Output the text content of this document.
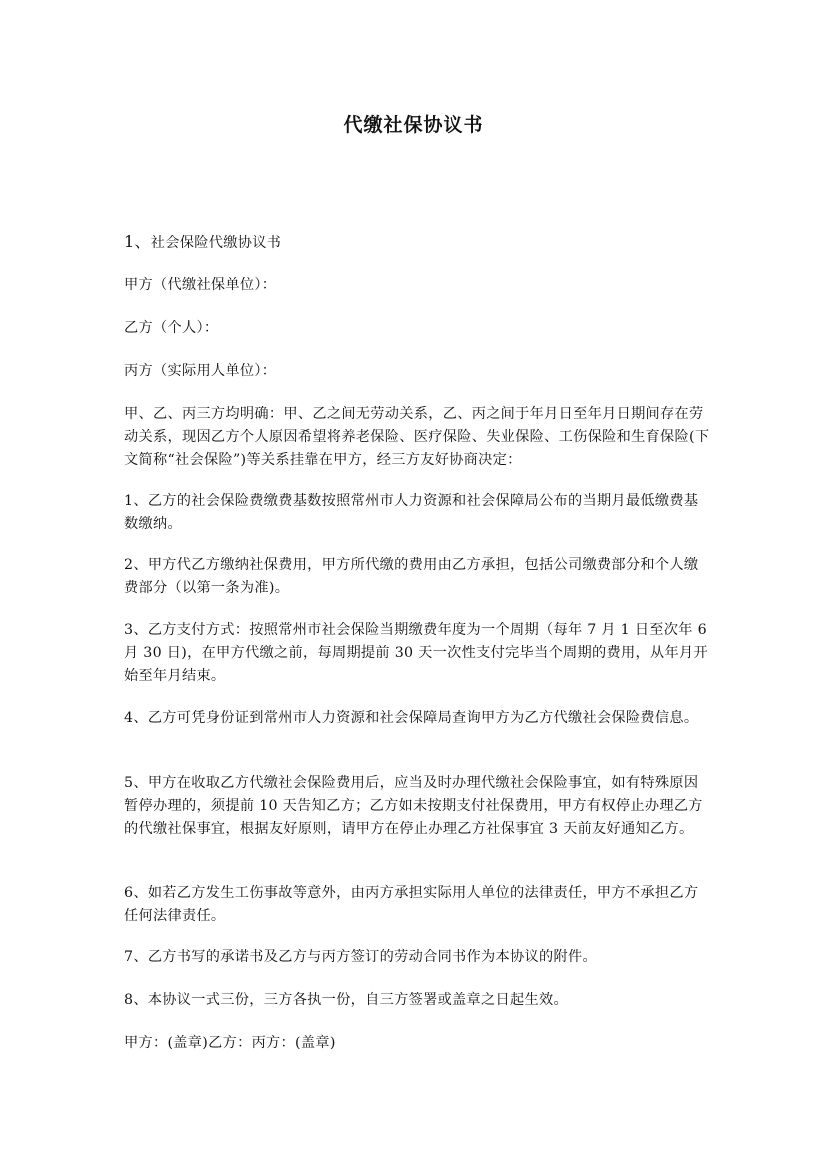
代缴社保协议书

1、社会保险代缴协议书

甲方（代缴社保单位）：

乙方（个人）：

丙方（实际用人单位）：

甲、乙、丙三方均明确：甲、乙之间无劳动关系，乙、丙之间于年月日至年月日期间存在劳动关系，现因乙方个人原因希望将养老保险、医疗保险、失业保险、工伤保险和生育保险(下文简称“社会保险”)等关系挂靠在甲方，经三方友好协商决定：

1、乙方的社会保险费缴费基数按照常州市人力资源和社会保障局公布的当期月最低缴费基数缴纳。

2、甲方代乙方缴纳社保费用，甲方所代缴的费用由乙方承担，包括公司缴费部分和个人缴费部分（以第一条为准)。

3、乙方支付方式：按照常州市社会保险当期缴费年度为一个周期（每年 7 月 1 日至次年 6 月 30 日)，在甲方代缴之前，每周期提前 30 天一次性支付完毕当个周期的费用，从年月开始至年月结束。

4、乙方可凭身份证到常州市人力资源和社会保障局查询甲方为乙方代缴社会保险费信息。

5、甲方在收取乙方代缴社会保险费用后，应当及时办理代缴社会保险事宜，如有特殊原因暂停办理的，须提前 10 天告知乙方；乙方如未按期支付社保费用，甲方有权停止办理乙方的代缴社保事宜，根据友好原则，请甲方在停止办理乙方社保事宜 3 天前友好通知乙方。

6、如若乙方发生工伤事故等意外，由丙方承担实际用人单位的法律责任，甲方不承担乙方任何法律责任。

7、乙方书写的承诺书及乙方与丙方签订的劳动合同书作为本协议的附件。

8、本协议一式三份，三方各执一份，自三方签署或盖章之日起生效。

甲方：(盖章)乙方：丙方：(盖章)
